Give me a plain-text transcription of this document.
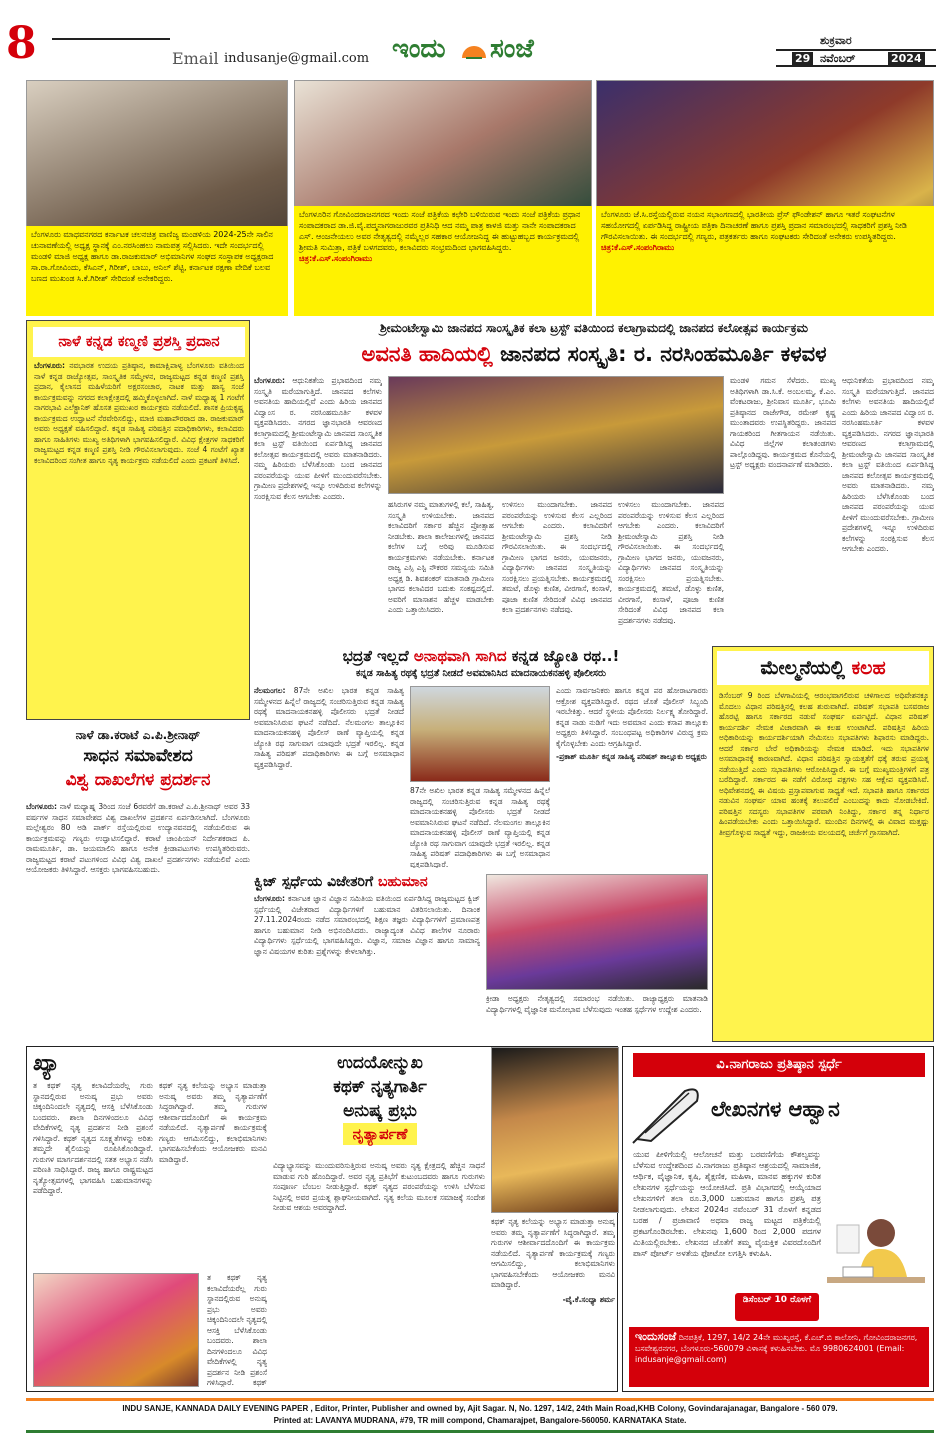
8	Email indusanje@gmail.com ಇಂದು ಸಂಜೆ	ಶುಕ್ರವಾರ
29 ನವೆಂಬರ್	2024
ಬೆಂಗಳೂರು ಮಾಧವನಗರದ ಕರ್ನಾಟಕ ಚಲನಚಿತ್ರ ವಾಣಿಜ್ಯ ಮಂಡಳಿಯ 2024-25ನೇ ಸಾಲಿನ ಚುನಾವಣೆಯಲ್ಲಿ ಅಧ್ಯಕ್ಷ ಸ್ಥಾನಕ್ಕೆ ಎಂ.ನರಸಿಂಹಲು ನಾಮಪತ್ರ ಸಲ್ಲಿಸಿದರು. ಇದೇ ಸಂದರ್ಭದಲ್ಲಿ ಮಂಡಳಿ ಮಾಜಿ ಅಧ್ಯಕ್ಷ ಹಾಗೂ ಡಾ.ರಾಜಕುಮಾರ್ ಅಭಿಮಾನಿಗಳ ಸಂಘದ ಸಂಸ್ಥಾಪಕ ಅಧ್ಯಕ್ಷರಾದ ಸಾ.ರಾ.ಗೋವಿಂದು, ಕೆಸಿಎನ್, ಗಿರೀಶ್, ಬಾಬು, ಅನಿಲ್ ಶೆಟ್ಟಿ, ಕರ್ನಾಟಕ ರಕ್ಷಣಾ ವೇದಿಕೆ ಬಲವ ಬಣದ ಮುಖಂಡ ಸಿ.ಕೆ.ಗಿರೀಶ್ ಸೇರಿದಂತೆ ಅನೇಕರಿದ್ದರು.
ಬೆಂಗಳೂರಿನ ಗೋವಿಂದರಾಜನಗರದ ಇಂದು ಸಂಜೆ ಪತ್ರಿಕೆಯ ಕಛೇರಿ ಬಳಿಯಿರುವ ಇಂದು ಸಂಜೆ ಪತ್ರಿಕೆಯ ಪ್ರಧಾನ ಸಂಪಾದಕರಾದ ಡಾ.ಜಿ.ವೈ.ಪದ್ಮನಾಗರಾಜುರವರ ಪ್ರತಿನಿಧಿ ಆದ ನಮ್ಮ ಪಾತ್ರ ಕಾಳಜಿ ಮತ್ತು ನಾನೇ ಸಂಪಾದಕರಾದ ಎಸ್. ಆಂಜನೇಯಲು ಅವರ ನೇತೃತ್ವದಲ್ಲಿ ನಮ್ಮೆಲ್ಲರ ಸಹಕಾರ ಆಯೋಜನಿದ್ದ ಈ ಹುಟ್ಟುಹಬ್ಬದ ಕಾರ್ಯಕ್ರಮದಲ್ಲಿ ಶ್ರೀಮತಿ ಸುಮಿತ್ರಾ, ಪತ್ರಿಕೆ ಬಳಗದವರು, ಕಲಾವಿದರು ಸಂಭ್ರಮದಿಂದ ಭಾಗವಹಿಸಿದ್ದರು. ಚಿತ್ರ:ಕೆ.ಎಸ್.ಸಂಪಂಗಿರಾಮು
ಬೆಂಗಳೂರು ಜೆ.ಸಿ.ರಸ್ತೆಯಲ್ಲಿರುವ ನಯನ ಸಭಾಂಗಣದಲ್ಲಿ ಭಾರತೀಯ ಪ್ರೆಸ್ ಫೌಂಡೇಶನ್ ಹಾಗೂ ಇತರೆ ಸಂಘಟನೆಗಳ ಸಹಯೋಗದಲ್ಲಿ ಏರ್ಪಡಿಸಿದ್ದ ರಾಷ್ಟ್ರೀಯ ಪತ್ರಿಕಾ ದಿನಾಚರಣೆ ಹಾಗೂ ಪ್ರಶಸ್ತಿ ಪ್ರದಾನ ಸಮಾರಂಭದಲ್ಲಿ ಸಾಧಕರಿಗೆ ಪ್ರಶಸ್ತಿ ನೀಡಿ ಗೌರವಿಸಲಾಯಿತು. ಈ ಸಂದರ್ಭದಲ್ಲಿ ಗಣ್ಯರು, ಪತ್ರಕರ್ತರು ಹಾಗೂ ಸಂಘಟಕರು ಸೇರಿದಂತೆ ಅನೇಕರು ಉಪಸ್ಥಿತರಿದ್ದರು. ಚಿತ್ರ:ಕೆ.ಎಸ್.ಸಂಪಂಗಿರಾಮು
ನಾಳೆ ಕನ್ನಡ ಕಣ್ಮಣಿ ಪ್ರಶಸ್ತಿ ಪ್ರದಾನ
ಬೆಂಗಳೂರು: ನವಭಾರತ ಉದಯ ಪ್ರತಿಷ್ಠಾನ, ಕಾಮಾಕ್ಷಿಪಾಳ್ಯ ಬೆಂಗಳೂರು ವತಿಯಿಂದ ನಾಳೆ ಕನ್ನಡ ರಾಜ್ಯೋತ್ಸವ, ಸಾಂಸ್ಕೃತಿಕ ಸಮ್ಮೇಳನ, ರಾಜ್ಯಮಟ್ಟದ ಕನ್ನಡ ಕಣ್ಮಣಿ ಪ್ರಶಸ್ತಿ ಪ್ರದಾನ, ಕೈಲಾಸದ ಮಹಿಳೆಯರಿಗೆ ಅಕ್ಷರಸಂಚಾರ, ನಾಟಕ ಮತ್ತು ಹಾಸ್ಯ ಸಂಜೆ ಕಾರ್ಯಕ್ರಮವನ್ನು ನಗರದ ಕಲಾಕ್ಷೇತ್ರದಲ್ಲಿ ಹಮ್ಮಿಕೊಳ್ಳಲಾಗಿದೆ. ನಾಳೆ ಮಧ್ಯಾಹ್ನ 1 ಗಂಟೆಗೆ ನಾಗರಭಾವಿ ಎಲೆಕ್ಟ್ರಾನಿಕ್ ಹೊಸತ ಪ್ರಮುಖರ ಕಾರ್ಯಕ್ರಮ ನಡೆಯಲಿದೆ. ಶಾಸಕ ಪ್ರಿಯಕೃಷ್ಣ ಕಾರ್ಯಕ್ರಮದ ಉದ್ಘಾಟನೆ ನೆರವೇರಿಸಲಿದ್ದು, ಮಾಜಿ ಮಹಾಪೌರರಾದ ಡಾ. ರಾಜಕುಮಾರ್ ಅವರು ಅಧ್ಯಕ್ಷತೆ ವಹಿಸಲಿದ್ದಾರೆ. ಕನ್ನಡ ಸಾಹಿತ್ಯ ಪರಿಷತ್ತಿನ ಪದಾಧಿಕಾರಿಗಳು, ಕಲಾವಿದರು ಹಾಗೂ ಸಾಹಿತಿಗಳು ಮುಖ್ಯ ಅತಿಥಿಗಳಾಗಿ ಭಾಗವಹಿಸಲಿದ್ದಾರೆ. ವಿವಿಧ ಕ್ಷೇತ್ರಗಳ ಸಾಧಕರಿಗೆ ರಾಜ್ಯಮಟ್ಟದ ಕನ್ನಡ ಕಣ್ಮಣಿ ಪ್ರಶಸ್ತಿ ನೀಡಿ ಗೌರವಿಸಲಾಗುವುದು. ಸಂಜೆ 4 ಗಂಟೆಗೆ ಖ್ಯಾತ ಕಲಾವಿದರಿಂದ ಸಂಗೀತ ಹಾಗೂ ನೃತ್ಯ ಕಾರ್ಯಕ್ರಮ ನಡೆಯಲಿದೆ ಎಂದು ಪ್ರಕಟಣೆ ತಿಳಿಸಿದೆ.
ನಾಳೆ ಡಾ.ಕರಾಟೆ ಎ.ಪಿ.ಶ್ರೀನಾಥ್
ಸಾಧನ ಸಮಾವೇಶದ
ವಿಶ್ವ ದಾಖಲೆಗಳ ಪ್ರದರ್ಶನ
ಬೆಂಗಳೂರು: ನಾಳೆ ಮಧ್ಯಾಹ್ನ 3ರಿಂದ ಸಂಜೆ 6ರವರೆಗೆ ಡಾ.ಕರಾಟೆ ಎ.ಪಿ.ಶ್ರೀನಾಥ್ ಅವರ 33 ವರ್ಷಗಳ ಸಾಧನ ಸಮಾವೇಶದ ವಿಶ್ವ ದಾಖಲೆಗಳ ಪ್ರದರ್ಶನ ಏರ್ಪಡಿಸಲಾಗಿದೆ. ಬೆಂಗಳೂರು ಮಲ್ಲೇಶ್ವರಂ 80 ಅಡಿ ಪಾರ್ಕ್ ರಸ್ತೆಯಲ್ಲಿರುವ ಉದ್ಯಾನವನದಲ್ಲಿ ನಡೆಯಲಿರುವ ಈ ಕಾರ್ಯಕ್ರಮವನ್ನು ಗಣ್ಯರು ಉದ್ಘಾಟಿಸಲಿದ್ದಾರೆ. ಕರಾಟೆ ಚಾಂಪಿಯನ್ ನಿರ್ದೇಶಕರಾದ ಪಿ. ರಾಮಮೂರ್ತಿ, ಡಾ. ಜಯಮಾಲಿನಿ ಹಾಗೂ ಅನೇಕ ಕ್ರೀಡಾಪಟುಗಳು ಉಪಸ್ಥಿತರಿರುವರು. ರಾಜ್ಯಮಟ್ಟದ ಕರಾಟೆ ಪಟುಗಳಿಂದ ವಿವಿಧ ವಿಶ್ವ ದಾಖಲೆ ಪ್ರದರ್ಶನಗಳು ನಡೆಯಲಿವೆ ಎಂದು ಆಯೋಜಕರು ತಿಳಿಸಿದ್ದಾರೆ. ಆಸಕ್ತರು ಭಾಗವಹಿಸಬಹುದು.
ಶ್ರೀಮಂಟೇಸ್ವಾಮಿ ಜಾನಪದ ಸಾಂಸ್ಕೃತಿಕ ಕಲಾ ಟ್ರಸ್ಟ್ ವತಿಯಿಂದ ಕಲಾಗ್ರಾಮದಲ್ಲಿ ಜಾನಪದ ಕಲೋತ್ಸವ ಕಾರ್ಯಕ್ರಮ
ಅವನತಿ ಹಾದಿಯಲ್ಲಿ ಜಾನಪದ ಸಂಸ್ಕೃತಿ: ರ. ನರಸಿಂಹಮೂರ್ತಿ ಕಳವಳ
ಬೆಂಗಳೂರು: ಆಧುನಿಕತೆಯ ಪ್ರಭಾವದಿಂದ ನಮ್ಮ ಸಂಸ್ಕೃತಿ ಮರೆಯಾಗುತ್ತಿದೆ. ಜಾನಪದ ಕಲೆಗಳು ಅವನತಿಯ ಹಾದಿಯಲ್ಲಿವೆ ಎಂದು ಹಿರಿಯ ಜಾನಪದ ವಿದ್ವಾಂಸ ರ. ನರಸಿಂಹಮೂರ್ತಿ ಕಳವಳ ವ್ಯಕ್ತಪಡಿಸಿದರು. ನಗರದ ಜ್ಞಾನಭಾರತಿ ಆವರಣದ ಕಲಾಗ್ರಾಮದಲ್ಲಿ ಶ್ರೀಮಂಟೇಸ್ವಾಮಿ ಜಾನಪದ ಸಾಂಸ್ಕೃತಿಕ ಕಲಾ ಟ್ರಸ್ಟ್ ವತಿಯಿಂದ ಏರ್ಪಡಿಸಿದ್ದ ಜಾನಪದ ಕಲೋತ್ಸವ ಕಾರ್ಯಕ್ರಮದಲ್ಲಿ ಅವರು ಮಾತನಾಡಿದರು. ನಮ್ಮ ಹಿರಿಯರು ಬೆಳೆಸಿಕೊಂಡು ಬಂದ ಜಾನಪದ ಪರಂಪರೆಯನ್ನು ಯುವ ಪೀಳಿಗೆ ಮುಂದುವರೆಸಬೇಕು. ಗ್ರಾಮೀಣ ಪ್ರದೇಶಗಳಲ್ಲಿ ಇನ್ನೂ ಉಳಿದಿರುವ ಕಲೆಗಳನ್ನು ಸಂರಕ್ಷಿಸುವ ಕೆಲಸ ಆಗಬೇಕು ಎಂದರು.
ಹಸಿರುಗಳ ನಮ್ಮ ಮಾತುಗಳಲ್ಲಿ ಕಲೆ, ಸಾಹಿತ್ಯ, ಸಂಸ್ಕೃತಿ ಉಳಿಯಬೇಕು. ಜಾನಪದ ಕಲಾವಿದರಿಗೆ ಸರ್ಕಾರ ಹೆಚ್ಚಿನ ಪ್ರೋತ್ಸಾಹ ನೀಡಬೇಕು. ಶಾಲಾ ಕಾಲೇಜುಗಳಲ್ಲಿ ಜಾನಪದ ಕಲೆಗಳ ಬಗ್ಗೆ ಅರಿವು ಮೂಡಿಸುವ ಕಾರ್ಯಕ್ರಮಗಳು ನಡೆಯಬೇಕು. ಕರ್ನಾಟಕ ರಾಜ್ಯ ಎಸ್ಸಿ ಎಸ್ಟಿ ನೌಕರರ ಸಮನ್ವಯ ಸಮಿತಿ ಅಧ್ಯಕ್ಷ ಡಿ. ಶಿವಶಂಕರ್ ಮಾತನಾಡಿ ಗ್ರಾಮೀಣ ಭಾಗದ ಕಲಾವಿದರ ಬದುಕು ಸಂಕಷ್ಟದಲ್ಲಿದೆ. ಅವರಿಗೆ ಮಾಸಾಶನ ಹೆಚ್ಚಳ ಮಾಡಬೇಕು ಎಂದು ಒತ್ತಾಯಿಸಿದರು.
ಉಳಿಸಲು ಮುಂದಾಗಬೇಕು. ಜಾನಪದ ಪರಂಪರೆಯನ್ನು ಉಳಿಸುವ ಕೆಲಸ ಎಲ್ಲರಿಂದ ಆಗಬೇಕು ಎಂದರು. ಕಲಾವಿದರಿಗೆ ಶ್ರೀಮಂಟೇಸ್ವಾಮಿ ಪ್ರಶಸ್ತಿ ನೀಡಿ ಗೌರವಿಸಲಾಯಿತು. ಈ ಸಂದರ್ಭದಲ್ಲಿ ಗ್ರಾಮೀಣ ಭಾಗದ ಜನರು, ಯುವಜನರು, ವಿದ್ಯಾರ್ಥಿಗಳು ಜಾನಪದ ಸಂಸ್ಕೃತಿಯನ್ನು ಸಂರಕ್ಷಿಸಲು ಪ್ರಯತ್ನಿಸಬೇಕು. ಕಾರ್ಯಕ್ರಮದಲ್ಲಿ ತಮಟೆ, ಡೊಳ್ಳು ಕುಣಿತ, ವೀರಗಾಸೆ, ಕಂಸಾಳೆ, ಪೂಜಾ ಕುಣಿತ ಸೇರಿದಂತೆ ವಿವಿಧ ಜಾನಪದ ಕಲಾ ಪ್ರದರ್ಶನಗಳು ನಡೆದವು.
ಉಳಿಸಲು ಮುಂದಾಗಬೇಕು. ಜಾನಪದ ಪರಂಪರೆಯನ್ನು ಉಳಿಸುವ ಕೆಲಸ ಎಲ್ಲರಿಂದ ಆಗಬೇಕು ಎಂದರು. ಕಲಾವಿದರಿಗೆ ಶ್ರೀಮಂಟೇಸ್ವಾಮಿ ಪ್ರಶಸ್ತಿ ನೀಡಿ ಗೌರವಿಸಲಾಯಿತು. ಈ ಸಂದರ್ಭದಲ್ಲಿ ಗ್ರಾಮೀಣ ಭಾಗದ ಜನರು, ಯುವಜನರು, ವಿದ್ಯಾರ್ಥಿಗಳು ಜಾನಪದ ಸಂಸ್ಕೃತಿಯನ್ನು ಸಂರಕ್ಷಿಸಲು ಪ್ರಯತ್ನಿಸಬೇಕು. ಕಾರ್ಯಕ್ರಮದಲ್ಲಿ ತಮಟೆ, ಡೊಳ್ಳು ಕುಣಿತ, ವೀರಗಾಸೆ, ಕಂಸಾಳೆ, ಪೂಜಾ ಕುಣಿತ ಸೇರಿದಂತೆ ವಿವಿಧ ಜಾನಪದ ಕಲಾ ಪ್ರದರ್ಶನಗಳು ನಡೆದವು.
ಮಂಡಳಿ ಗಮನ ಸೆಳೆದರು. ಮುಖ್ಯ ಅತಿಥಿಗಳಾಗಿ ಡಾ.ಸಿ.ಕೆ. ಅಂಬಲಮ್ಮ, ಕೆ.ಎಂ. ವೆಂಕಟರಾಜು, ಶ್ರೀನಿವಾಸ ಮೂರ್ತಿ, ಭೂಮಿ ಪ್ರತಿಷ್ಠಾನದ ರಾಜೇಗೌಡ, ರಮೇಶ್ ಕೃಷ್ಣ ಮುಂತಾದವರು ಉಪಸ್ಥಿತರಿದ್ದರು. ಜಾನಪದ ಗಾಯಕರಿಂದ ಗೀತಗಾಯನ ನಡೆಯಿತು. ವಿವಿಧ ಜಿಲ್ಲೆಗಳ ಕಲಾತಂಡಗಳು ಪಾಲ್ಗೊಂಡಿದ್ದವು. ಕಾರ್ಯಕ್ರಮದ ಕೊನೆಯಲ್ಲಿ ಟ್ರಸ್ಟ್ ಅಧ್ಯಕ್ಷರು ವಂದನಾರ್ಪಣೆ ಮಾಡಿದರು.
ಆಧುನಿಕತೆಯ ಪ್ರಭಾವದಿಂದ ನಮ್ಮ ಸಂಸ್ಕೃತಿ ಮರೆಯಾಗುತ್ತಿದೆ. ಜಾನಪದ ಕಲೆಗಳು ಅವನತಿಯ ಹಾದಿಯಲ್ಲಿವೆ ಎಂದು ಹಿರಿಯ ಜಾನಪದ ವಿದ್ವಾಂಸ ರ. ನರಸಿಂಹಮೂರ್ತಿ ಕಳವಳ ವ್ಯಕ್ತಪಡಿಸಿದರು. ನಗರದ ಜ್ಞಾನಭಾರತಿ ಆವರಣದ ಕಲಾಗ್ರಾಮದಲ್ಲಿ ಶ್ರೀಮಂಟೇಸ್ವಾಮಿ ಜಾನಪದ ಸಾಂಸ್ಕೃತಿಕ ಕಲಾ ಟ್ರಸ್ಟ್ ವತಿಯಿಂದ ಏರ್ಪಡಿಸಿದ್ದ ಜಾನಪದ ಕಲೋತ್ಸವ ಕಾರ್ಯಕ್ರಮದಲ್ಲಿ ಅವರು ಮಾತನಾಡಿದರು. ನಮ್ಮ ಹಿರಿಯರು ಬೆಳೆಸಿಕೊಂಡು ಬಂದ ಜಾನಪದ ಪರಂಪರೆಯನ್ನು ಯುವ ಪೀಳಿಗೆ ಮುಂದುವರೆಸಬೇಕು. ಗ್ರಾಮೀಣ ಪ್ರದೇಶಗಳಲ್ಲಿ ಇನ್ನೂ ಉಳಿದಿರುವ ಕಲೆಗಳನ್ನು ಸಂರಕ್ಷಿಸುವ ಕೆಲಸ ಆಗಬೇಕು ಎಂದರು.
ಭದ್ರತೆ ಇಲ್ಲದೆ ಅನಾಥವಾಗಿ ಸಾಗಿದ ಕನ್ನಡ ಜ್ಯೋತಿ ರಥ..!
ಕನ್ನಡ ಸಾಹಿತ್ಯ ರಥಕ್ಕೆ ಭದ್ರತೆ ನೀಡದೆ ಅವಮಾನಿಸಿದ ಮಾದನಾಯಕನಹಳ್ಳಿ ಪೊಲೀಸರು
ನೆಲಮಂಗಲ: 87ನೇ ಅಖಿಲ ಭಾರತ ಕನ್ನಡ ಸಾಹಿತ್ಯ ಸಮ್ಮೇಳನದ ಹಿನ್ನೆಲೆ ರಾಜ್ಯದಲ್ಲಿ ಸಂಚರಿಸುತ್ತಿರುವ ಕನ್ನಡ ಸಾಹಿತ್ಯ ರಥಕ್ಕೆ ಮಾದನಾಯಕನಹಳ್ಳಿ ಪೊಲೀಸರು ಭದ್ರತೆ ನೀಡದೆ ಅವಮಾನಿಸಿರುವ ಘಟನೆ ನಡೆದಿದೆ. ನೆಲಮಂಗಲ ತಾಲ್ಲೂಕಿನ ಮಾದನಾಯಕನಹಳ್ಳಿ ಪೊಲೀಸ್ ಠಾಣೆ ವ್ಯಾಪ್ತಿಯಲ್ಲಿ ಕನ್ನಡ ಜ್ಯೋತಿ ರಥ ಸಾಗುವಾಗ ಯಾವುದೇ ಭದ್ರತೆ ಇರಲಿಲ್ಲ. ಕನ್ನಡ ಸಾಹಿತ್ಯ ಪರಿಷತ್ ಪದಾಧಿಕಾರಿಗಳು ಈ ಬಗ್ಗೆ ಅಸಮಾಧಾನ ವ್ಯಕ್ತಪಡಿಸಿದ್ದಾರೆ.
87ನೇ ಅಖಿಲ ಭಾರತ ಕನ್ನಡ ಸಾಹಿತ್ಯ ಸಮ್ಮೇಳನದ ಹಿನ್ನೆಲೆ ರಾಜ್ಯದಲ್ಲಿ ಸಂಚರಿಸುತ್ತಿರುವ ಕನ್ನಡ ಸಾಹಿತ್ಯ ರಥಕ್ಕೆ ಮಾದನಾಯಕನಹಳ್ಳಿ ಪೊಲೀಸರು ಭದ್ರತೆ ನೀಡದೆ ಅವಮಾನಿಸಿರುವ ಘಟನೆ ನಡೆದಿದೆ. ನೆಲಮಂಗಲ ತಾಲ್ಲೂಕಿನ ಮಾದನಾಯಕನಹಳ್ಳಿ ಪೊಲೀಸ್ ಠಾಣೆ ವ್ಯಾಪ್ತಿಯಲ್ಲಿ ಕನ್ನಡ ಜ್ಯೋತಿ ರಥ ಸಾಗುವಾಗ ಯಾವುದೇ ಭದ್ರತೆ ಇರಲಿಲ್ಲ. ಕನ್ನಡ ಸಾಹಿತ್ಯ ಪರಿಷತ್ ಪದಾಧಿಕಾರಿಗಳು ಈ ಬಗ್ಗೆ ಅಸಮಾಧಾನ ವ್ಯಕ್ತಪಡಿಸಿದ್ದಾರೆ.
ಎಂದು ಸಾರ್ವಜನಿಕರು ಹಾಗೂ ಕನ್ನಡ ಪರ ಹೋರಾಟಗಾರರು ಆಕ್ರೋಶ ವ್ಯಕ್ತಪಡಿಸಿದ್ದಾರೆ. ರಥದ ಜೊತೆ ಪೊಲೀಸ್ ಸಿಬ್ಬಂದಿ ಇರಬೇಕಿತ್ತು. ಆದರೆ ಸ್ಥಳೀಯ ಪೊಲೀಸರು ನಿರ್ಲಕ್ಷ್ಯ ತೋರಿದ್ದಾರೆ. ಕನ್ನಡ ನಾಡು ನುಡಿಗೆ ಇದು ಅವಮಾನ ಎಂದು ಕಸಾಪ ತಾಲ್ಲೂಕು ಅಧ್ಯಕ್ಷರು ತಿಳಿಸಿದ್ದಾರೆ. ಸಂಬಂಧಪಟ್ಟ ಅಧಿಕಾರಿಗಳ ವಿರುದ್ಧ ಕ್ರಮ ಕೈಗೊಳ್ಳಬೇಕು ಎಂದು ಆಗ್ರಹಿಸಿದ್ದಾರೆ.
-ಪ್ರಕಾಶ್ ಮೂರ್ತಿ ಕನ್ನಡ ಸಾಹಿತ್ಯ ಪರಿಷತ್ ತಾಲ್ಲೂಕು ಅಧ್ಯಕ್ಷರು
ಕ್ವಿಜ್ ಸ್ಪರ್ಧೆಯ ವಿಜೇತರಿಗೆ ಬಹುಮಾನ
ಬೆಂಗಳೂರು: ಕರ್ನಾಟಕ ಜ್ಞಾನ ವಿಜ್ಞಾನ ಸಮಿತಿಯ ವತಿಯಿಂದ ಏರ್ಪಡಿಸಿದ್ದ ರಾಜ್ಯಮಟ್ಟದ ಕ್ವಿಜ್ ಸ್ಪರ್ಧೆಯಲ್ಲಿ ವಿಜೇತರಾದ ವಿದ್ಯಾರ್ಥಿಗಳಿಗೆ ಬಹುಮಾನ ವಿತರಿಸಲಾಯಿತು. ದಿನಾಂಕ 27.11.2024ರಂದು ನಡೆದ ಸಮಾರಂಭದಲ್ಲಿ ಶಿಕ್ಷಣ ತಜ್ಞರು ವಿದ್ಯಾರ್ಥಿಗಳಿಗೆ ಪ್ರಮಾಣಪತ್ರ ಹಾಗೂ ಬಹುಮಾನ ನೀಡಿ ಅಭಿನಂದಿಸಿದರು. ರಾಜ್ಯಾದ್ಯಂತ ವಿವಿಧ ಶಾಲೆಗಳ ನೂರಾರು ವಿದ್ಯಾರ್ಥಿಗಳು ಸ್ಪರ್ಧೆಯಲ್ಲಿ ಭಾಗವಹಿಸಿದ್ದರು. ವಿಜ್ಞಾನ, ಸಮಾಜ ವಿಜ್ಞಾನ ಹಾಗೂ ಸಾಮಾನ್ಯ ಜ್ಞಾನ ವಿಷಯಗಳ ಕುರಿತು ಪ್ರಶ್ನೆಗಳನ್ನು ಕೇಳಲಾಗಿತ್ತು.
ಕ್ರೀಡಾ ಅಧ್ಯಕ್ಷರು ನೇತೃತ್ವದಲ್ಲಿ ಸಮಾರಂಭ ನಡೆಯಿತು. ರಾಜ್ಯಾಧ್ಯಕ್ಷರು ಮಾತನಾಡಿ ವಿದ್ಯಾರ್ಥಿಗಳಲ್ಲಿ ವೈಜ್ಞಾನಿಕ ಮನೋಭಾವ ಬೆಳೆಸುವುದು ಇಂತಹ ಸ್ಪರ್ಧೆಗಳ ಉದ್ದೇಶ ಎಂದರು.
ಮೇಲ್ಮನೆಯಲ್ಲಿ ಕಲಹ
ಡಿಸೆಂಬರ್ 9 ರಿಂದ ಬೆಳಗಾವಿಯಲ್ಲಿ ಆರಂಭವಾಗಲಿರುವ ಚಳಿಗಾಲದ ಅಧಿವೇಶನಕ್ಕೂ ಮೊದಲು ವಿಧಾನ ಪರಿಷತ್ತಿನಲ್ಲಿ ಕಲಹ ಶುರುವಾಗಿದೆ. ಪರಿಷತ್ ಸಭಾಪತಿ ಬಸವರಾಜ ಹೊರಟ್ಟಿ ಹಾಗೂ ಸರ್ಕಾರದ ನಡುವೆ ಸಂಘರ್ಷ ಏರ್ಪಟ್ಟಿದೆ. ವಿಧಾನ ಪರಿಷತ್ ಕಾರ್ಯದರ್ಶಿ ನೇಮಕ ವಿಚಾರವಾಗಿ ಈ ಕಲಹ ಉಂಟಾಗಿದೆ. ಪರಿಷತ್ತಿನ ಹಿರಿಯ ಅಧಿಕಾರಿಯನ್ನು ಕಾರ್ಯದರ್ಶಿಯಾಗಿ ನೇಮಿಸಲು ಸಭಾಪತಿಗಳು ಶಿಫಾರಸು ಮಾಡಿದ್ದರು. ಆದರೆ ಸರ್ಕಾರ ಬೇರೆ ಅಧಿಕಾರಿಯನ್ನು ನೇಮಕ ಮಾಡಿದೆ. ಇದು ಸಭಾಪತಿಗಳ ಅಸಮಾಧಾನಕ್ಕೆ ಕಾರಣವಾಗಿದೆ. ವಿಧಾನ ಪರಿಷತ್ತಿನ ಸ್ವಾಯತ್ತತೆಗೆ ಧಕ್ಕೆ ತರುವ ಪ್ರಯತ್ನ ನಡೆಯುತ್ತಿದೆ ಎಂದು ಸಭಾಪತಿಗಳು ಆರೋಪಿಸಿದ್ದಾರೆ. ಈ ಬಗ್ಗೆ ಮುಖ್ಯಮಂತ್ರಿಗಳಿಗೆ ಪತ್ರ ಬರೆದಿದ್ದಾರೆ. ಸರ್ಕಾರದ ಈ ನಡೆಗೆ ವಿರೋಧ ಪಕ್ಷಗಳು ಸಹ ಆಕ್ಷೇಪ ವ್ಯಕ್ತಪಡಿಸಿವೆ. ಅಧಿವೇಶನದಲ್ಲಿ ಈ ವಿಷಯ ಪ್ರಸ್ತಾಪವಾಗುವ ಸಾಧ್ಯತೆ ಇದೆ. ಸಭಾಪತಿ ಹಾಗೂ ಸರ್ಕಾರದ ನಡುವಿನ ಸಂಘರ್ಷ ಯಾವ ಹಂತಕ್ಕೆ ತಲುಪಲಿದೆ ಎಂಬುದನ್ನು ಕಾದು ನೋಡಬೇಕಿದೆ. ಪರಿಷತ್ತಿನ ಸದಸ್ಯರು ಸಭಾಪತಿಗಳ ಪರವಾಗಿ ನಿಂತಿದ್ದು, ಸರ್ಕಾರ ತನ್ನ ನಿರ್ಧಾರ ಹಿಂಪಡೆಯಬೇಕು ಎಂದು ಒತ್ತಾಯಿಸಿದ್ದಾರೆ. ಮುಂದಿನ ದಿನಗಳಲ್ಲಿ ಈ ವಿವಾದ ಮತ್ತಷ್ಟು ತೀವ್ರಗೊಳ್ಳುವ ಸಾಧ್ಯತೆ ಇದ್ದು, ರಾಜಕೀಯ ವಲಯದಲ್ಲಿ ಚರ್ಚೆಗೆ ಗ್ರಾಸವಾಗಿದೆ.
ಖ್ಯಾ
ತ ಕಥಕ್ ನೃತ್ಯ ಕಲಾವಿದೆಯರೆಲ್ಲ ಗುರು ಸ್ಥಾನದಲ್ಲಿರುವ ಅನುಷ್ಕ ಪ್ರಭು ಅವರು ಚಿಕ್ಕಂದಿನಿಂದಲೇ ನೃತ್ಯದಲ್ಲಿ ಆಸಕ್ತಿ ಬೆಳೆಸಿಕೊಂಡು ಬಂದವರು. ಶಾಲಾ ದಿನಗಳಿಂದಲೂ ವಿವಿಧ ವೇದಿಕೆಗಳಲ್ಲಿ ನೃತ್ಯ ಪ್ರದರ್ಶನ ನೀಡಿ ಪ್ರಶಂಸೆ ಗಳಿಸಿದ್ದಾರೆ. ಕಥಕ್ ನೃತ್ಯದ ಸೂಕ್ಷ್ಮತೆಗಳನ್ನು ಅರಿತು ತಮ್ಮದೇ ಶೈಲಿಯನ್ನು ರೂಪಿಸಿಕೊಂಡಿದ್ದಾರೆ. ಗುರುಗಳ ಮಾರ್ಗದರ್ಶನದಲ್ಲಿ ಸತತ ಅಭ್ಯಾಸ ನಡೆಸಿ ಪರಿಣತಿ ಸಾಧಿಸಿದ್ದಾರೆ. ರಾಜ್ಯ ಹಾಗೂ ರಾಷ್ಟ್ರಮಟ್ಟದ ನೃತ್ಯೋತ್ಸವಗಳಲ್ಲಿ ಭಾಗವಹಿಸಿ ಬಹುಮಾನಗಳನ್ನು ಪಡೆದಿದ್ದಾರೆ.
ಕಥಕ್ ನೃತ್ಯ ಕಲೆಯನ್ನು ಅಭ್ಯಾಸ ಮಾಡುತ್ತಾ ಅನುಷ್ಕ ಅವರು ತಮ್ಮ ನೃತ್ಯಾರ್ಪಣೆಗೆ ಸಿದ್ಧರಾಗಿದ್ದಾರೆ. ತಮ್ಮ ಗುರುಗಳ ಆಶೀರ್ವಾದದೊಂದಿಗೆ ಈ ಕಾರ್ಯಕ್ರಮ ನಡೆಯಲಿದೆ. ನೃತ್ಯಾರ್ಪಣೆ ಕಾರ್ಯಕ್ರಮಕ್ಕೆ ಗಣ್ಯರು ಆಗಮಿಸಲಿದ್ದು, ಕಲಾಭಿಮಾನಿಗಳು ಭಾಗವಹಿಸಬೇಕೆಂದು ಆಯೋಜಕರು ಮನವಿ ಮಾಡಿದ್ದಾರೆ.
ಉದಯೋನ್ಮುಖ
ಕಥಕ್ ನೃತ್ಯಗಾರ್ತಿ
ಅನುಷ್ಕ ಪ್ರಭು
ನೃತ್ಯಾರ್ಪಣೆ
ವಿದ್ಯಾಭ್ಯಾಸವನ್ನು ಮುಂದುವರಿಸುತ್ತಿರುವ ಅನುಷ್ಕ ಅವರು ನೃತ್ಯ ಕ್ಷೇತ್ರದಲ್ಲಿ ಹೆಚ್ಚಿನ ಸಾಧನೆ ಮಾಡುವ ಗುರಿ ಹೊಂದಿದ್ದಾರೆ. ಅವರ ನೃತ್ಯ ಪ್ರತಿಭೆಗೆ ಕುಟುಂಬದವರು ಹಾಗೂ ಗುರುಗಳು ಸಂಪೂರ್ಣ ಬೆಂಬಲ ನೀಡುತ್ತಿದ್ದಾರೆ. ಕಥಕ್ ನೃತ್ಯದ ಪರಂಪರೆಯನ್ನು ಉಳಿಸಿ ಬೆಳೆಸುವ ನಿಟ್ಟಿನಲ್ಲಿ ಅವರ ಪ್ರಯತ್ನ ಶ್ಲಾಘನೀಯವಾಗಿದೆ. ನೃತ್ಯ ಕಲೆಯ ಮೂಲಕ ಸಮಾಜಕ್ಕೆ ಸಂದೇಶ ನೀಡುವ ಆಶಯ ಅವರದ್ದಾಗಿದೆ.
ಕಥಕ್ ನೃತ್ಯ ಕಲೆಯನ್ನು ಅಭ್ಯಾಸ ಮಾಡುತ್ತಾ ಅನುಷ್ಕ ಅವರು ತಮ್ಮ ನೃತ್ಯಾರ್ಪಣೆಗೆ ಸಿದ್ಧರಾಗಿದ್ದಾರೆ. ತಮ್ಮ ಗುರುಗಳ ಆಶೀರ್ವಾದದೊಂದಿಗೆ ಈ ಕಾರ್ಯಕ್ರಮ ನಡೆಯಲಿದೆ. ನೃತ್ಯಾರ್ಪಣೆ ಕಾರ್ಯಕ್ರಮಕ್ಕೆ ಗಣ್ಯರು ಆಗಮಿಸಲಿದ್ದು, ಕಲಾಭಿಮಾನಿಗಳು ಭಾಗವಹಿಸಬೇಕೆಂದು ಆಯೋಜಕರು ಮನವಿ ಮಾಡಿದ್ದಾರೆ.
-ವೈ.ಕೆ.ಸಂಧ್ಯಾ ಶರ್ಮ
ತ ಕಥಕ್ ನೃತ್ಯ ಕಲಾವಿದೆಯರೆಲ್ಲ ಗುರು ಸ್ಥಾನದಲ್ಲಿರುವ ಅನುಷ್ಕ ಪ್ರಭು ಅವರು ಚಿಕ್ಕಂದಿನಿಂದಲೇ ನೃತ್ಯದಲ್ಲಿ ಆಸಕ್ತಿ ಬೆಳೆಸಿಕೊಂಡು ಬಂದವರು. ಶಾಲಾ ದಿನಗಳಿಂದಲೂ ವಿವಿಧ ವೇದಿಕೆಗಳಲ್ಲಿ ನೃತ್ಯ ಪ್ರದರ್ಶನ ನೀಡಿ ಪ್ರಶಂಸೆ ಗಳಿಸಿದ್ದಾರೆ. ಕಥಕ್
ವಿ.ನಾಗರಾಜು ಪ್ರತಿಷ್ಠಾನ ಸ್ಪರ್ಧೆ
ಲೇಖನಗಳ ಆಹ್ವಾನ
ಯುವ ಪೀಳಿಗೆಯಲ್ಲಿ ಆಲೋಚನೆ ಮತ್ತು ಬರವಣಿಗೆಯ ಕೌಶಲ್ಯವನ್ನು ಬೆಳೆಸುವ ಉದ್ದೇಶದಿಂದ ವಿ.ನಾಗರಾಜು ಪ್ರತಿಷ್ಠಾನ ಆಶ್ರಯದಲ್ಲಿ ಸಾಮಾಜಿಕ, ಆರ್ಥಿಕ, ವೈಜ್ಞಾನಿಕ, ಕೃಷಿ, ಶೈಕ್ಷಣಿಕ, ಮಹಿಳಾ, ಮಾನವ ಹಕ್ಕುಗಳ ಕುರಿತ ಲೇಖನಗಳ ಸ್ಪರ್ಧೆಯನ್ನು ಆಯೋಜಿಸಿದೆ. ಪ್ರತಿ ವಿಭಾಗದಲ್ಲಿ ಆಯ್ಕೆಯಾದ ಲೇಖನಗಳಿಗೆ ತಲಾ ರೂ.3,000 ಬಹುಮಾನ ಹಾಗೂ ಪ್ರಶಸ್ತಿ ಪತ್ರ ನೀಡಲಾಗುವುದು. ಲೇಖನ 2024ರ ನವೆಂಬರ್ 31 ರೊಳಗೆ ಕನ್ನಡದ ಬರಹ / ಪ್ರಜಾವಾಣಿ ಅಥವಾ ರಾಜ್ಯ ಮಟ್ಟದ ಪತ್ರಿಕೆಯಲ್ಲಿ ಪ್ರಕಟಗೊಂಡಿರಬೇಕು. ಲೇಖನವು 1,600 ರಿಂದ 2,000 ಪದಗಳ ಮಿತಿಯಲ್ಲಿರಬೇಕು. ಲೇಖನದ ಜೊತೆಗೆ ತಮ್ಮ ವೈಯಕ್ತಿಕ ವಿವರದೊಂದಿಗೆ ಪಾಸ್ ಪೋರ್ಟ್ ಅಳತೆಯ ಫೋಟೋ ಲಗತ್ತಿಸಿ ಕಳುಹಿಸಿ.
ಡಿಸೆಂಬರ್ 10 ರೊಳಗೆ
ಇಂದುಸಂಜೆ ದಿನಪತ್ರಿಕೆ, 1297, 14/2 24ನೇ ಮುಖ್ಯರಸ್ತೆ, ಕೆ.ಎಚ್.ಬಿ ಕಾಲೋನಿ, ಗೋವಿಂದರಾಜನಗರ, ಬಸವೇಶ್ವರನಗರ, ಬೆಂಗಳೂರು-560079 ವಿಳಾಸಕ್ಕೆ ಕಳುಹಿಸಬೇಕು. ಮೊ 9980624001 (Email: indusanje@gmail.com)
INDU SANJE, KANNADA DAILY EVENING PAPER , Editor, Printer, Publisher and owned by, Ajit Sagar. N, No. 1297, 14/2, 24th Main Road,KHB Colony, Govindarajanagar, Bangalore - 560 079.
Printed at: LAVANYA MUDRANA, #79, TR mill compond, Chamarajpet, Bangalore-560050. KARNATAKA State.
